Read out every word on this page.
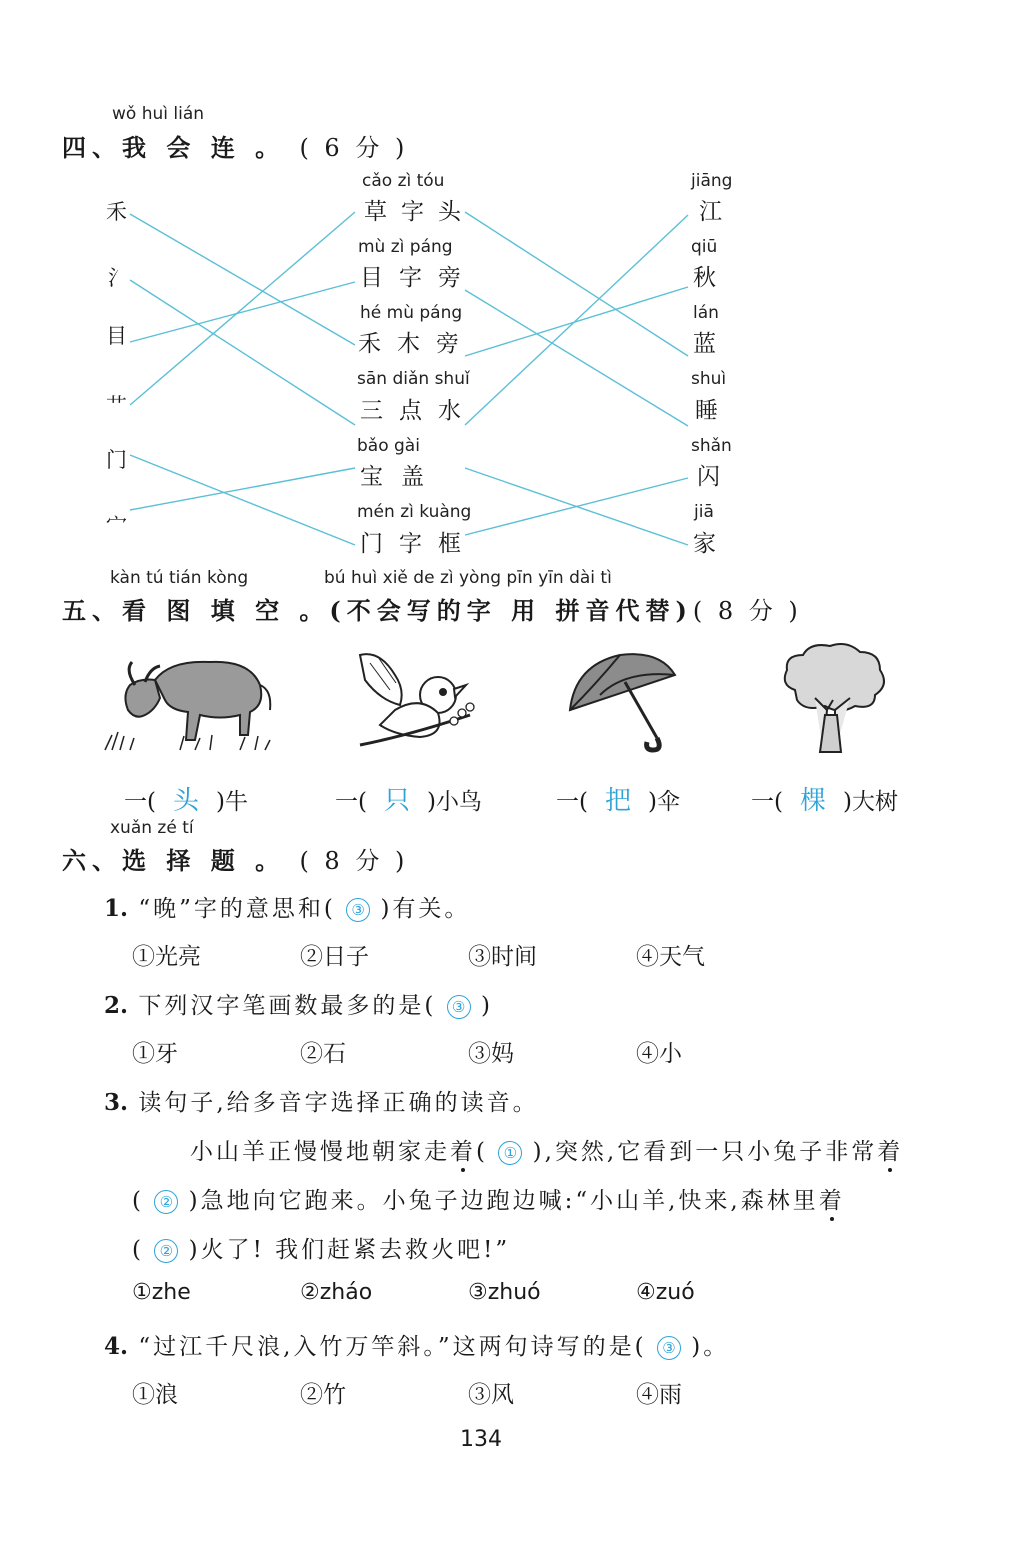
wǒ huì lián
四、我 会 连 。 ( 6 分 )
禾
氵
目
艹
门
宀
cǎo zì tóu
草字头
mù zì páng
目字旁
hé mù páng
禾木旁
sān diǎn shuǐ
三点水
bǎo gài
宝盖
mén zì kuàng
门字框
jiāng
江
qiū
秋
lán
蓝
shuì
睡
shǎn
闪
jiā
家
kàn tú tián kòng	bú huì xiě de zì yòng pīn yīn dài tì
五、看 图 填 空 。(不会写的字 用 拼音代替)( 8 分 )
一( 头 )牛	一( 只 )小鸟	一( 把 )伞	一( 棵 )大树
xuǎn zé tí
六、选 择 题 。 ( 8 分 )
1. “晚”字的意思和( ③ )有关。
①光亮	②日子	③时间	④天气
2. 下列汉字笔画数最多的是( ③ )
①牙	②石	③妈	④小
3. 读句子,给多音字选择正确的读音。
小山羊正慢慢地朝家走着( ① ),突然,它看到一只小兔子非常着
( ② )急地向它跑来。小兔子边跑边喊:“小山羊,快来,森林里着
( ② )火了! 我们赶紧去救火吧!”
①zhe	②zháo	③zhuó	④zuó
4. “过江千尺浪,入竹万竿斜。”这两句诗写的是( ③ )。
①浪	②竹	③风	④雨
134
